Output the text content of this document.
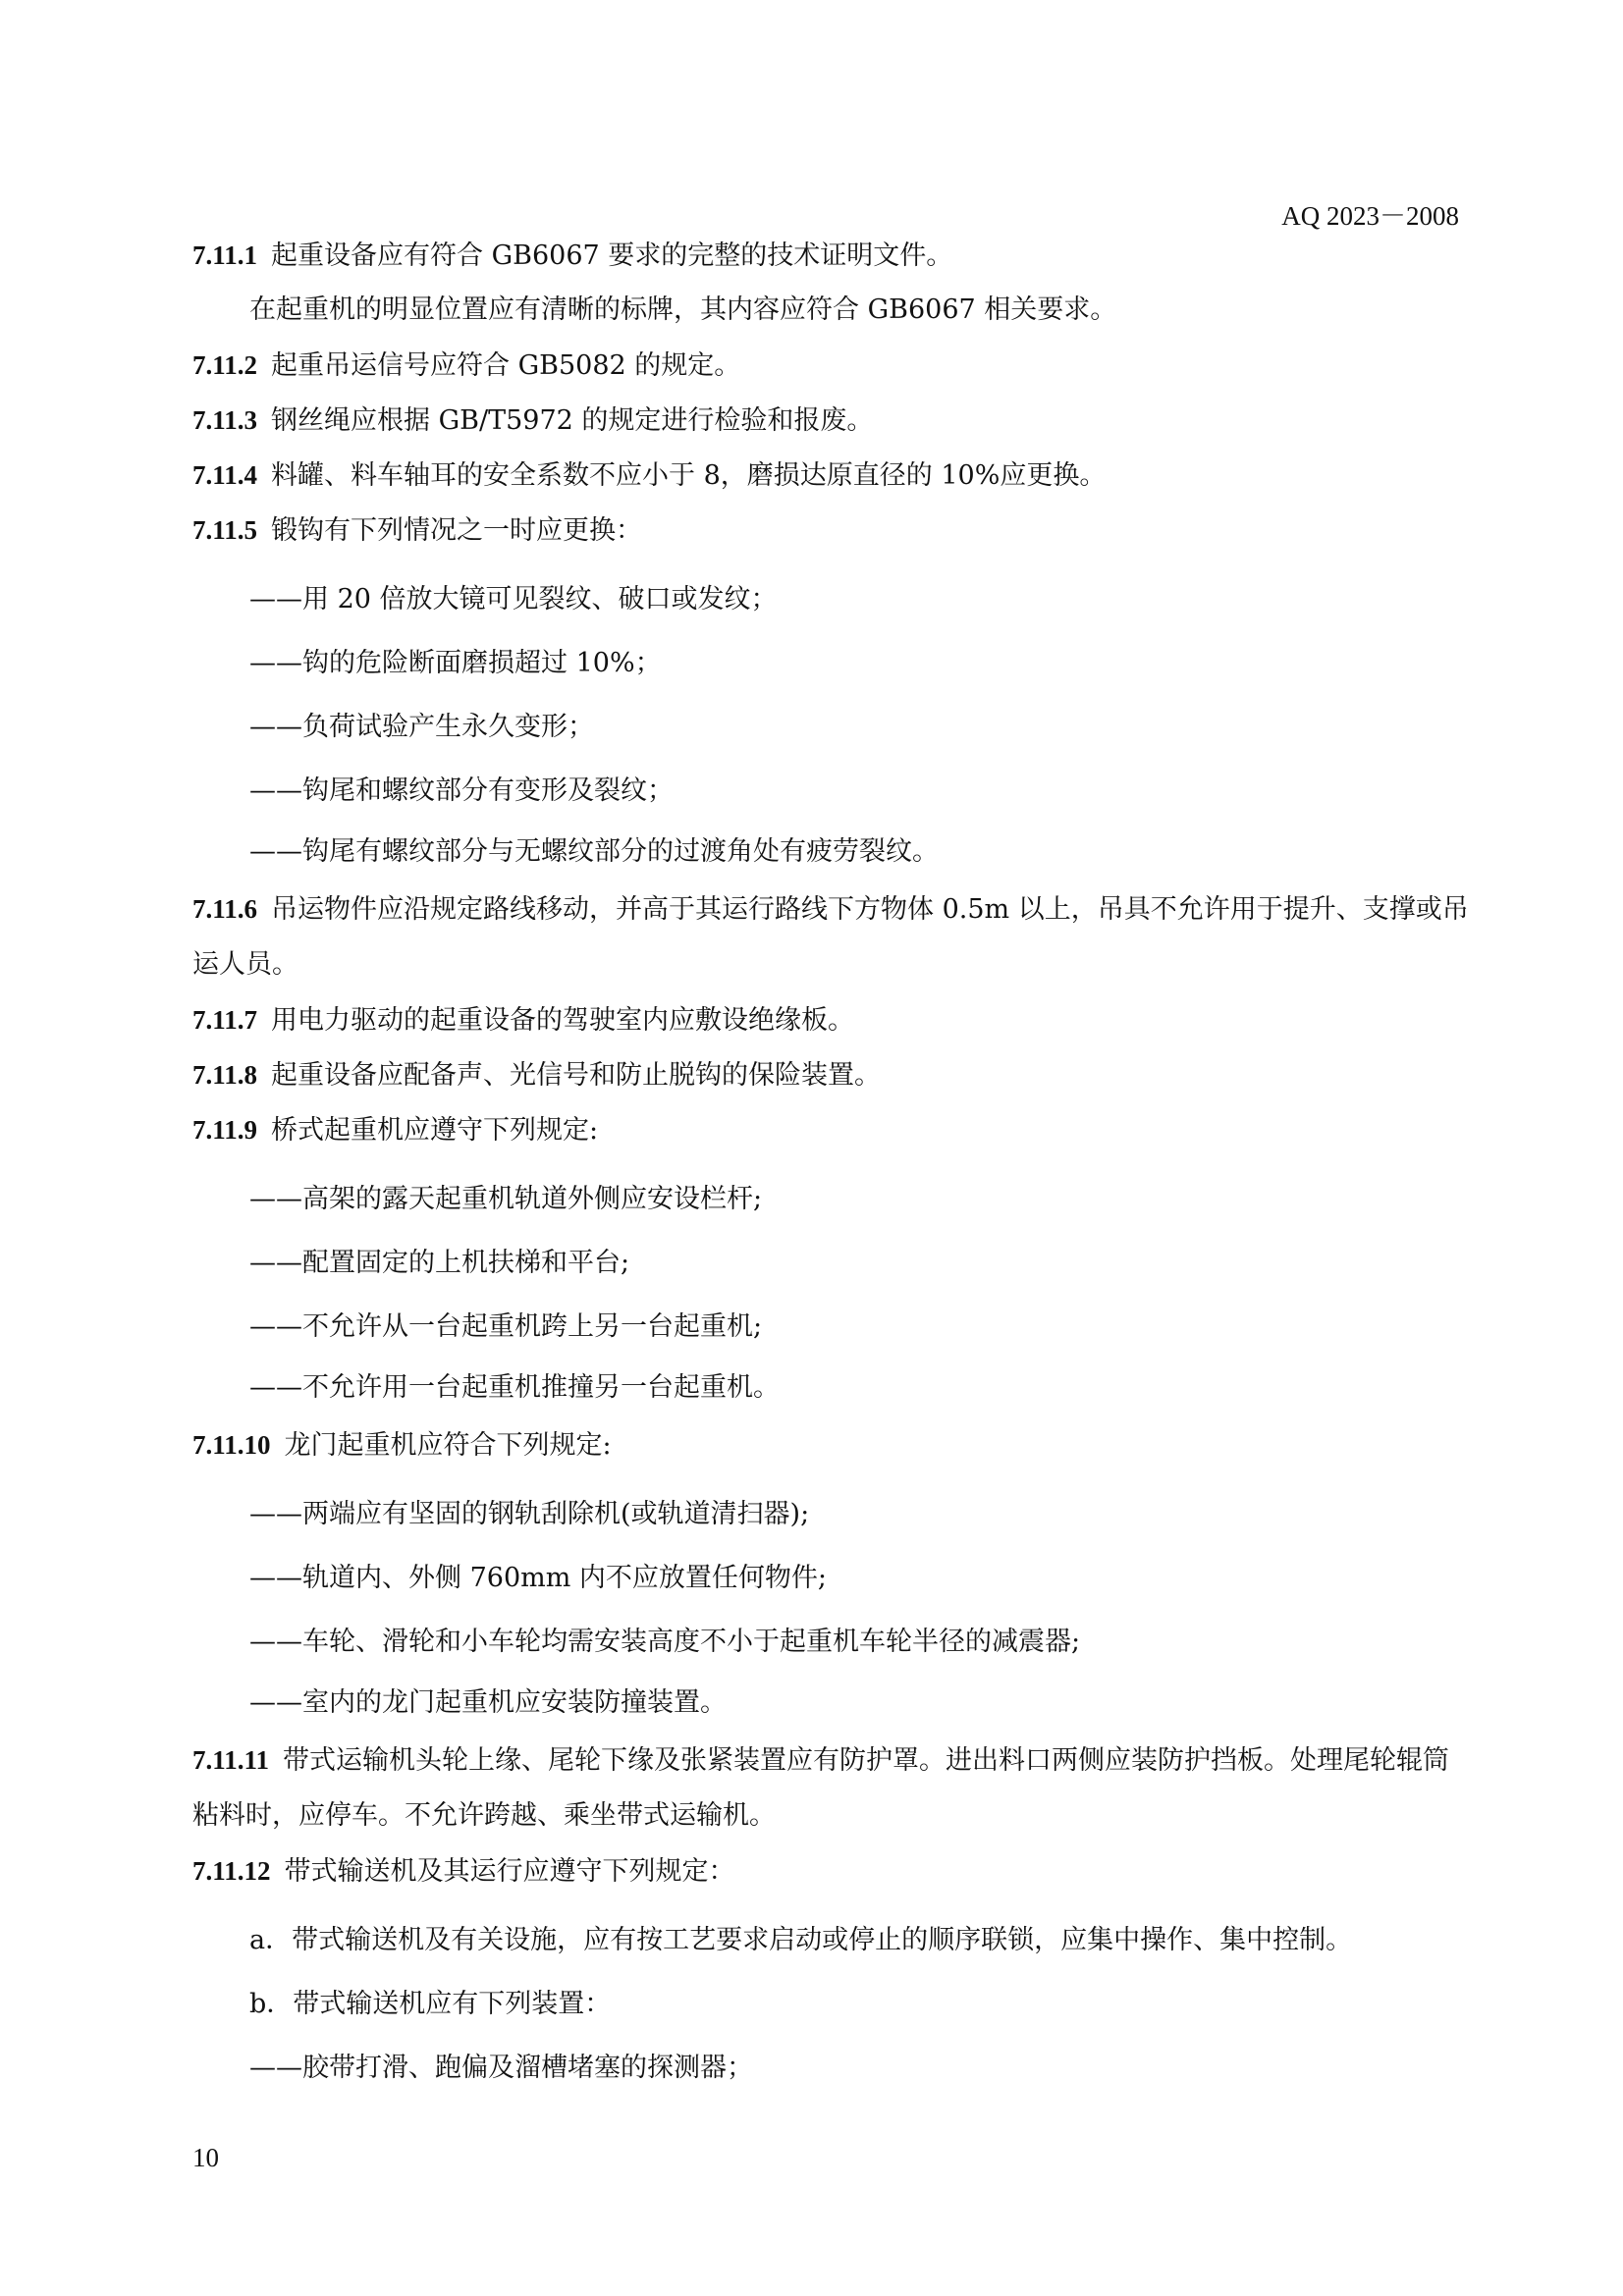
AQ 2023－2008
7.11.1 起重设备应有符合 GB6067 要求的完整的技术证明文件。
在起重机的明显位置应有清晰的标牌，其内容应符合 GB6067 相关要求。
7.11.2 起重吊运信号应符合 GB5082 的规定。
7.11.3 钢丝绳应根据 GB/T5972 的规定进行检验和报废。
7.11.4 料罐、料车轴耳的安全系数不应小于 8，磨损达原直径的 10%应更换。
7.11.5 锻钩有下列情况之一时应更换：
——用 20 倍放大镜可见裂纹、破口或发纹；
——钩的危险断面磨损超过 10%；
——负荷试验产生永久变形；
——钩尾和螺纹部分有变形及裂纹；
——钩尾有螺纹部分与无螺纹部分的过渡角处有疲劳裂纹。
7.11.6 吊运物件应沿规定路线移动，并高于其运行路线下方物体 0.5m 以上，吊具不允许用于提升、支撑或吊运人员。
7.11.7 用电力驱动的起重设备的驾驶室内应敷设绝缘板。
7.11.8 起重设备应配备声、光信号和防止脱钩的保险装置。
7.11.9 桥式起重机应遵守下列规定:
——高架的露天起重机轨道外侧应安设栏杆;
——配置固定的上机扶梯和平台;
——不允许从一台起重机跨上另一台起重机;
——不允许用一台起重机推撞另一台起重机。
7.11.10 龙门起重机应符合下列规定:
——两端应有坚固的钢轨刮除机(或轨道清扫器);
——轨道内、外侧 760mm 内不应放置任何物件;
——车轮、滑轮和小车轮均需安装高度不小于起重机车轮半径的减震器;
——室内的龙门起重机应安装防撞装置。
7.11.11 带式运输机头轮上缘、尾轮下缘及张紧装置应有防护罩。进出料口两侧应装防护挡板。处理尾轮辊筒粘料时，应停车。不允许跨越、乘坐带式运输机。
7.11.12 带式输送机及其运行应遵守下列规定：
a．带式输送机及有关设施，应有按工艺要求启动或停止的顺序联锁，应集中操作、集中控制。
b．带式输送机应有下列装置：
——胶带打滑、跑偏及溜槽堵塞的探测器；
10
